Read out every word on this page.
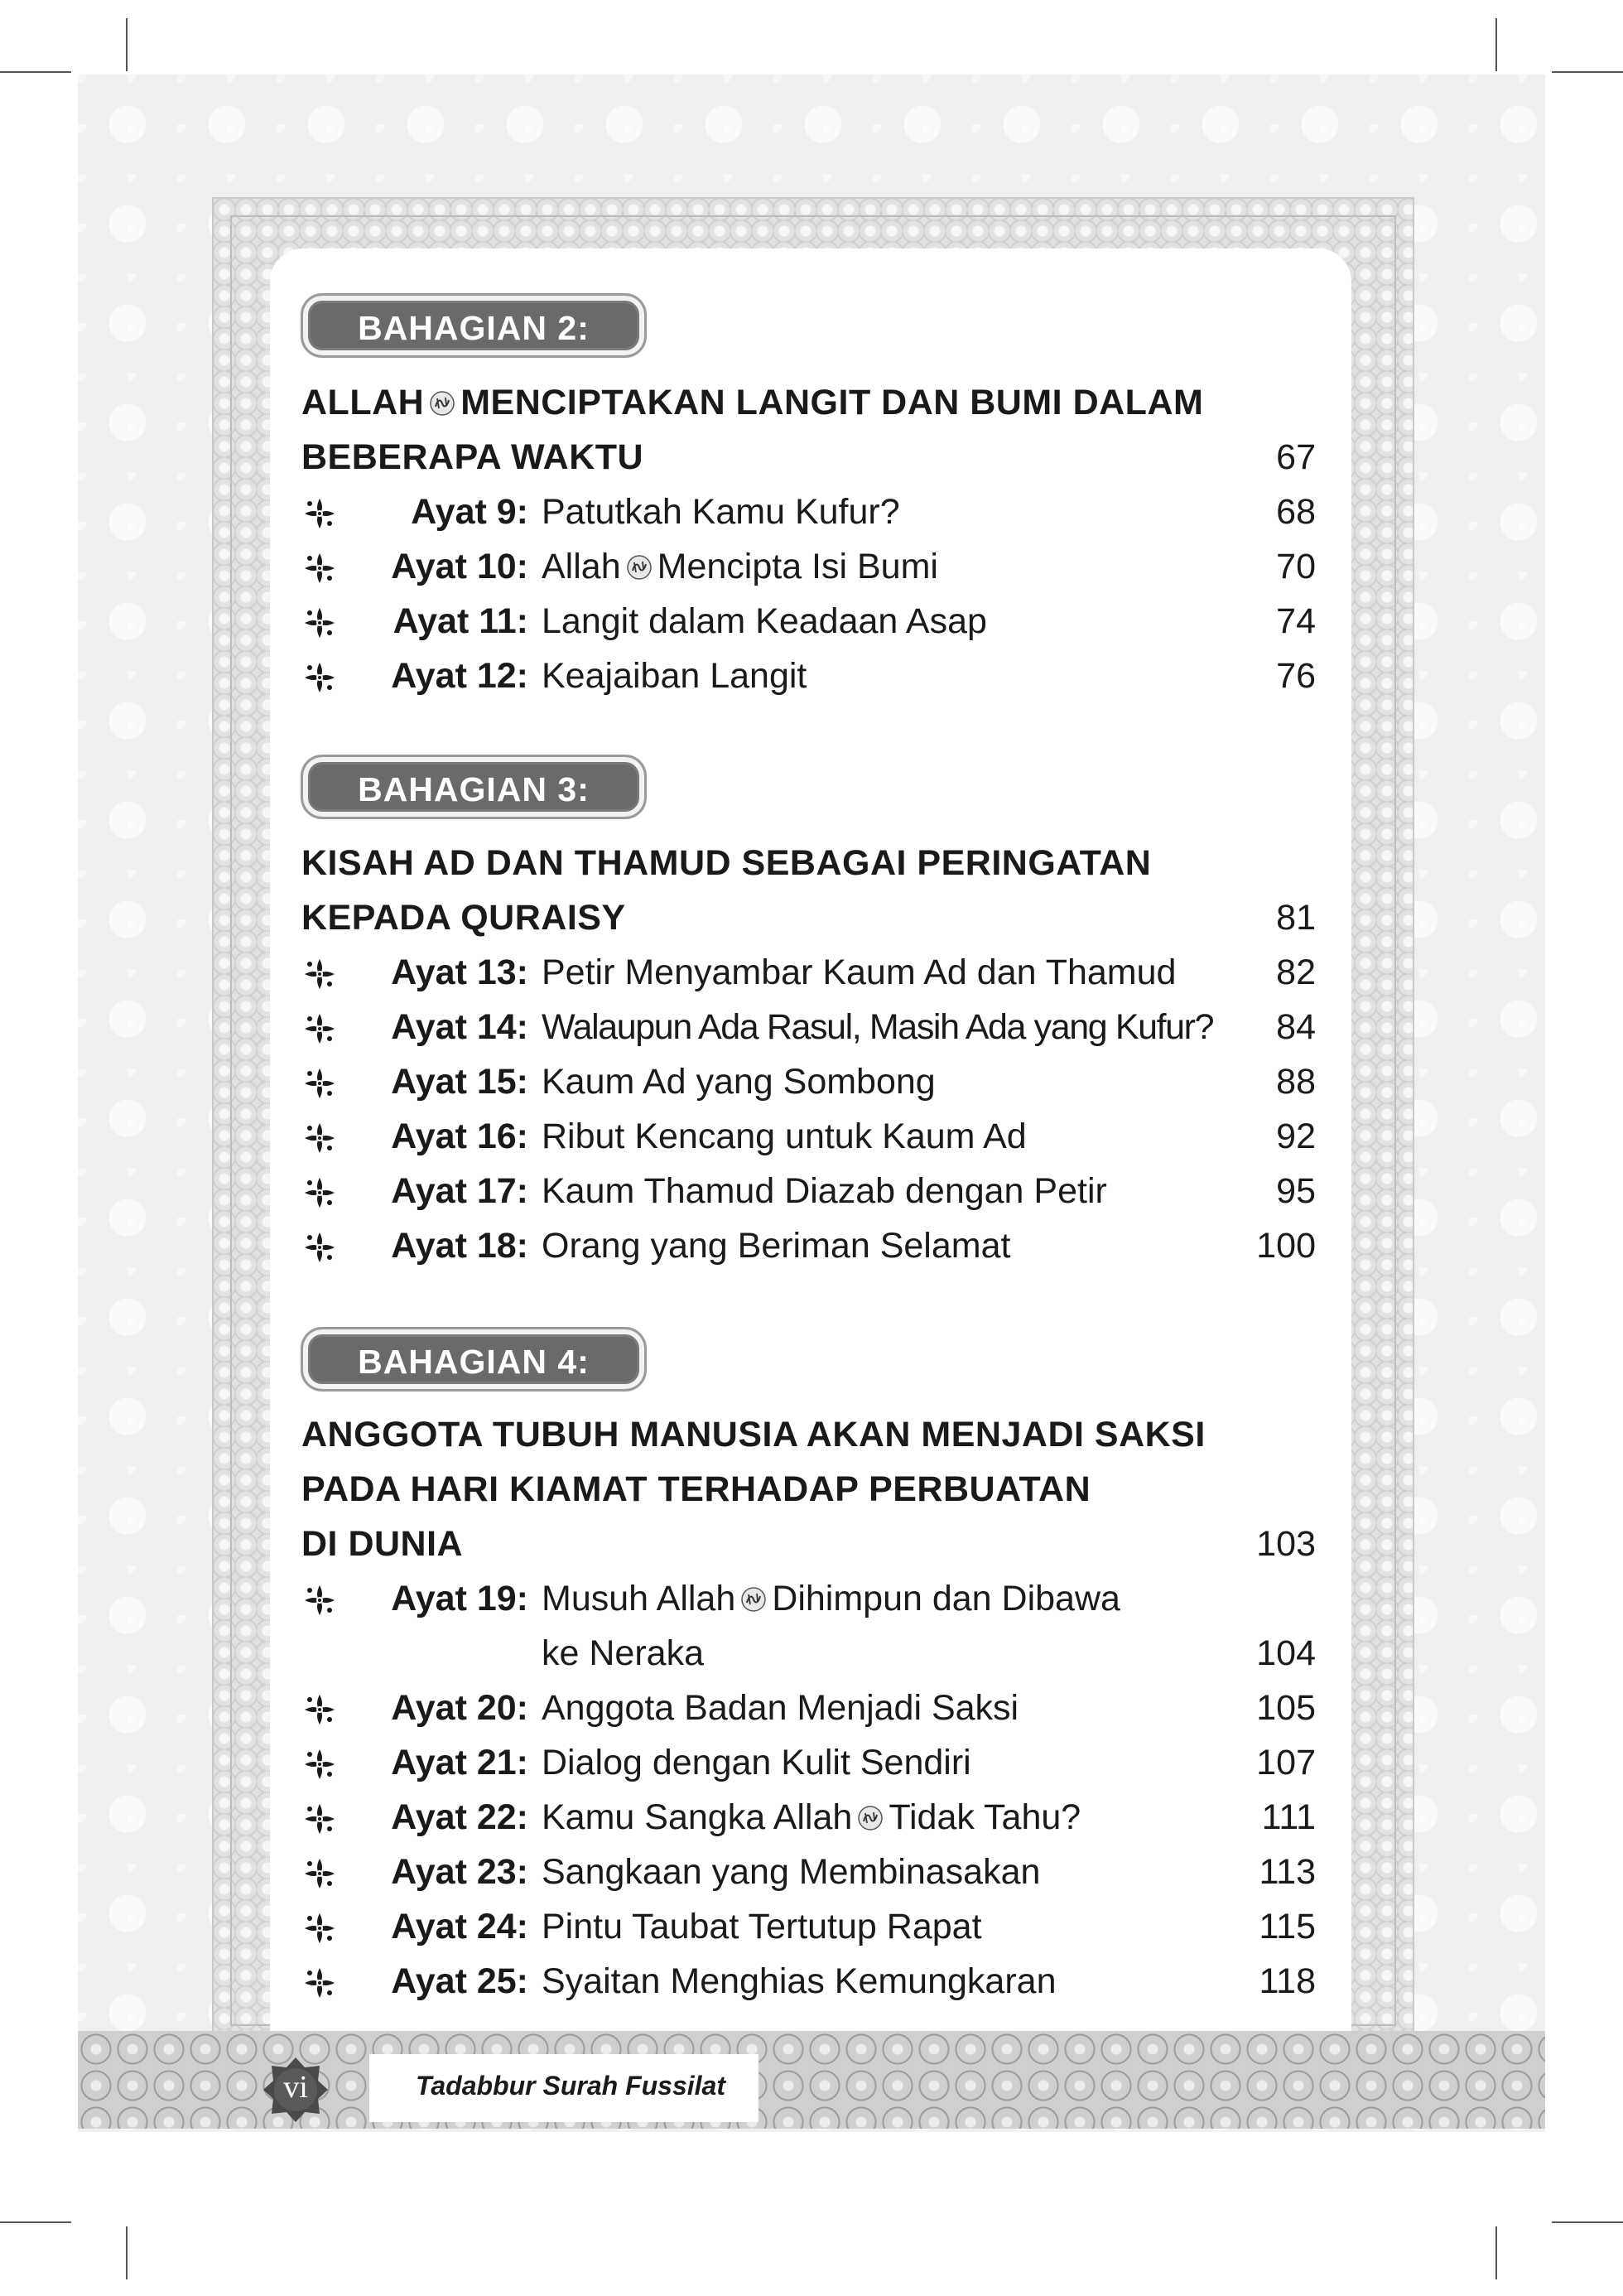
BAHAGIAN 2:
ALLAH MENCIPTAKAN LANGIT DAN BUMI DALAM
BEBERAPA WAKTU	67
Ayat 9: Patutkah Kamu Kufur?	68
Ayat 10: Allah Mencipta Isi Bumi	70
Ayat 11: Langit dalam Keadaan Asap	74
Ayat 12: Keajaiban Langit	76
BAHAGIAN 3:
KISAH AD DAN THAMUD SEBAGAI PERINGATAN
KEPADA QURAISY	81
Ayat 13: Petir Menyambar Kaum Ad dan Thamud	82
Ayat 14: Walaupun Ada Rasul, Masih Ada yang Kufur? 84
Ayat 15: Kaum Ad yang Sombong	88
Ayat 16: Ribut Kencang untuk Kaum Ad	92
Ayat 17: Kaum Thamud Diazab dengan Petir	95
Ayat 18: Orang yang Beriman Selamat	100
BAHAGIAN 4:
ANGGOTA TUBUH MANUSIA AKAN MENJADI SAKSI
PADA HARI KIAMAT TERHADAP PERBUATAN
DI DUNIA	103
Ayat 19: Musuh Allah Dihimpun dan Dibawa
ke Neraka	104
Ayat 20: Anggota Badan Menjadi Saksi	105
Ayat 21: Dialog dengan Kulit Sendiri	107
Ayat 22: Kamu Sangka Allah Tidak Tahu?	111
Ayat 23: Sangkaan yang Membinasakan	113
Ayat 24: Pintu Taubat Tertutup Rapat	115
Ayat 25: Syaitan Menghias Kemungkaran	118
vi	Tadabbur Surah Fussilat
